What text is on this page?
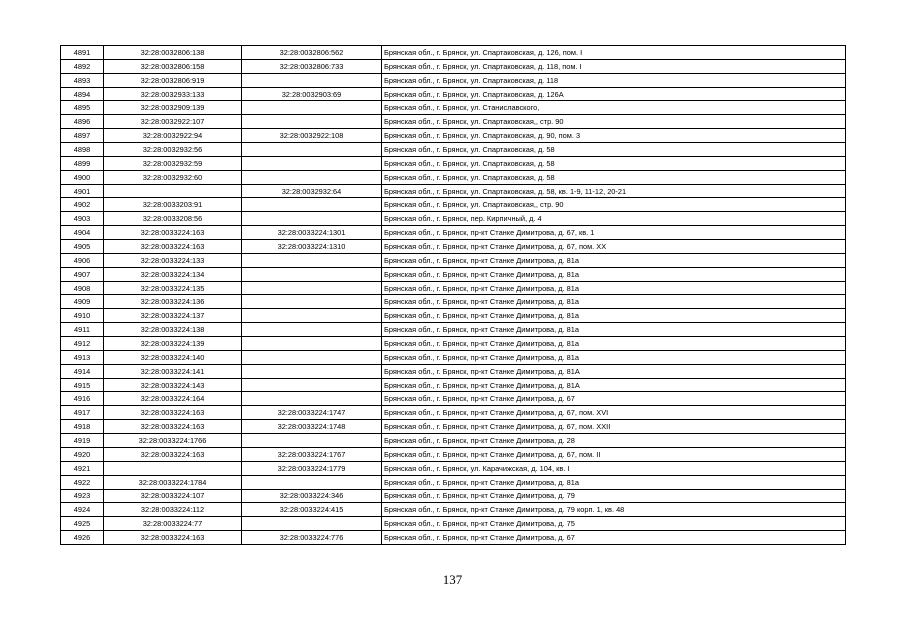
4891	32:28:0032806:138	32:28:0032806:562	Брянская обл., г. Брянск, ул. Спартаковская, д. 126, пом. I
4892	32:28:0032806:158	32:28:0032806:733	Брянская обл., г. Брянск, ул. Спартаковская, д. 118, пом. I
4893	32:28:0032806:919		Брянская обл., г. Брянск, ул. Спартаковская, д. 118
4894	32:28:0032933:133	32:28:0032903:69	Брянская обл., г. Брянск, ул. Спартаковская, д. 126А
4895	32:28:0032909:139		Брянская обл., г. Брянск, ул. Станиславского,
4896	32:28:0032922:107		Брянская обл., г. Брянск, ул. Спартаковская,, стр. 90
4897	32:28:0032922:94	32:28:0032922:108	Брянская обл., г. Брянск, ул. Спартаковская, д. 90, пом. 3
4898	32:28:0032932:56		Брянская обл., г. Брянск, ул. Спартаковская, д. 58
4899	32:28:0032932:59		Брянская обл., г. Брянск, ул. Спартаковская, д. 58
4900	32:28:0032932:60		Брянская обл., г. Брянск, ул. Спартаковская, д. 58
4901		32:28:0032932:64	Брянская обл., г. Брянск, ул. Спартаковская, д. 58, кв. 1-9, 11-12, 20-21
4902	32:28:0033203:91		Брянская обл., г. Брянск, ул. Спартаковская,, стр. 90
4903	32:28:0033208:56		Брянская обл., г. Брянск, пер. Кирпичный, д. 4
4904	32:28:0033224:163	32:28:0033224:1301	Брянская обл., г. Брянск, пр-кт Станке Димитрова, д. 67, кв. 1
4905	32:28:0033224:163	32:28:0033224:1310	Брянская обл., г. Брянск, пр-кт Станке Димитрова, д. 67, пом. XX
4906	32:28:0033224:133		Брянская обл., г. Брянск, пр-кт Станке Димитрова, д. 81а
4907	32:28:0033224:134		Брянская обл., г. Брянск, пр-кт Станке Димитрова, д. 81а
4908	32:28:0033224:135		Брянская обл., г. Брянск, пр-кт Станке Димитрова, д. 81а
4909	32:28:0033224:136		Брянская обл., г. Брянск, пр-кт Станке Димитрова, д. 81а
4910	32:28:0033224:137		Брянская обл., г. Брянск, пр-кт Станке Димитрова, д. 81а
4911	32:28:0033224:138		Брянская обл., г. Брянск, пр-кт Станке Димитрова, д. 81а
4912	32:28:0033224:139		Брянская обл., г. Брянск, пр-кт Станке Димитрова, д. 81а
4913	32:28:0033224:140		Брянская обл., г. Брянск, пр-кт Станке Димитрова, д. 81а
4914	32:28:0033224:141		Брянская обл., г. Брянск, пр-кт Станке Димитрова, д. 81А
4915	32:28:0033224:143		Брянская обл., г. Брянск, пр-кт Станке Димитрова, д. 81А
4916	32:28:0033224:164		Брянская обл., г. Брянск, пр-кт Станке Димитрова, д. 67
4917	32:28:0033224:163	32:28:0033224:1747	Брянская обл., г. Брянск, пр-кт Станке Димитрова, д. 67, пом. XVI
4918	32:28:0033224:163	32:28:0033224:1748	Брянская обл., г. Брянск, пр-кт Станке Димитрова, д. 67, пом. XXII
4919	32:28:0033224:1766		Брянская обл., г. Брянск, пр-кт Станке Димитрова, д. 28
4920	32:28:0033224:163	32:28:0033224:1767	Брянская обл., г. Брянск, пр-кт Станке Димитрова, д. 67, пом. II
4921		32:28:0033224:1779	Брянская обл., г. Брянск, ул. Карачижская, д. 104, кв. I
4922	32:28:0033224:1784		Брянская обл., г. Брянск, пр-кт Станке Димитрова, д. 81а
4923	32:28:0033224:107	32:28:0033224:346	Брянская обл., г. Брянск, пр-кт Станке Димитрова, д. 79
4924	32:28:0033224:112	32:28:0033224:415	Брянская обл., г. Брянск, пр-кт Станке Димитрова, д. 79 корп. 1, кв. 48
4925	32:28:0033224:77		Брянская обл., г. Брянск, пр-кт Станке Димитрова, д. 75
4926	32:28:0033224:163	32:28:0033224:776	Брянская обл., г. Брянск, пр-кт Станке Димитрова, д. 67
137
